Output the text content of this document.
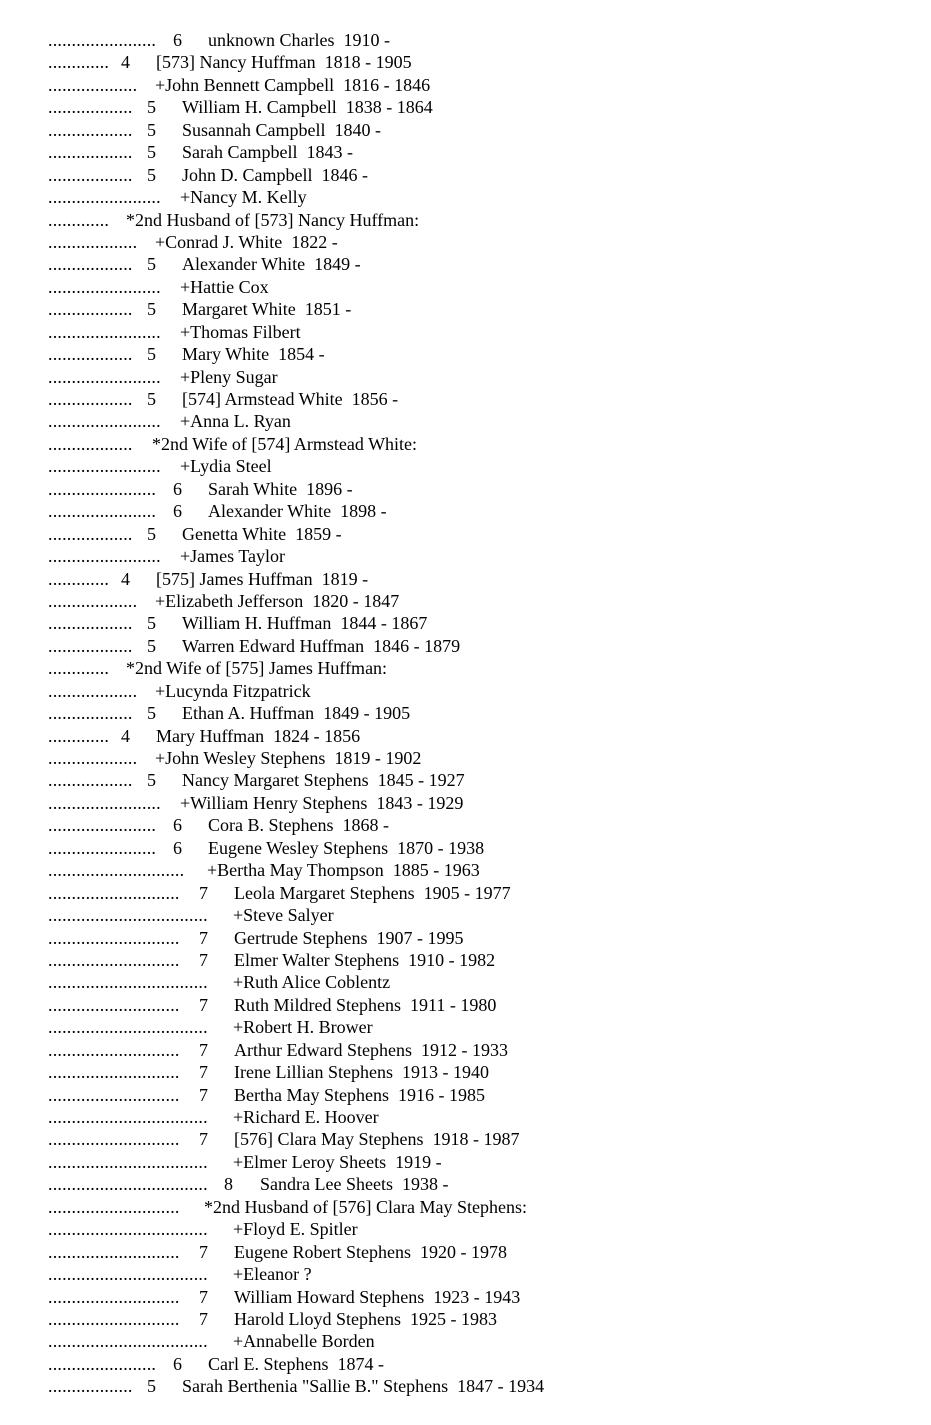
....................... 6 unknown Charles  1910 -
............. 4 [573] Nancy Huffman  1818 - 1905
................... +John Bennett Campbell  1816 - 1846
.................. 5 William H. Campbell  1838 - 1864
.................. 5 Susannah Campbell  1840 -
.................. 5 Sarah Campbell  1843 -
.................. 5 John D. Campbell  1846 -
........................ +Nancy M. Kelly
............. *2nd Husband of [573] Nancy Huffman:
................... +Conrad J. White  1822 -
.................. 5 Alexander White  1849 -
........................ +Hattie Cox
.................. 5 Margaret White  1851 -
........................ +Thomas Filbert
.................. 5 Mary White  1854 -
........................ +Pleny Sugar
.................. 5 [574] Armstead White  1856 -
........................ +Anna L. Ryan
.................. *2nd Wife of [574] Armstead White:
........................ +Lydia Steel
....................... 6 Sarah White  1896 -
....................... 6 Alexander White  1898 -
.................. 5 Genetta White  1859 -
........................ +James Taylor
............. 4 [575] James Huffman  1819 -
................... +Elizabeth Jefferson  1820 - 1847
.................. 5 William H. Huffman  1844 - 1867
.................. 5 Warren Edward Huffman  1846 - 1879
............. *2nd Wife of [575] James Huffman:
................... +Lucynda Fitzpatrick
.................. 5 Ethan A. Huffman  1849 - 1905
............. 4 Mary Huffman  1824 - 1856
................... +John Wesley Stephens  1819 - 1902
.................. 5 Nancy Margaret Stephens  1845 - 1927
........................ +William Henry Stephens  1843 - 1929
....................... 6 Cora B. Stephens  1868 -
....................... 6 Eugene Wesley Stephens  1870 - 1938
............................. +Bertha May Thompson  1885 - 1963
............................ 7 Leola Margaret Stephens  1905 - 1977
.................................. +Steve Salyer
............................ 7 Gertrude Stephens  1907 - 1995
............................ 7 Elmer Walter Stephens  1910 - 1982
.................................. +Ruth Alice Coblentz
............................ 7 Ruth Mildred Stephens  1911 - 1980
.................................. +Robert H. Brower
............................ 7 Arthur Edward Stephens  1912 - 1933
............................ 7 Irene Lillian Stephens  1913 - 1940
............................ 7 Bertha May Stephens  1916 - 1985
.................................. +Richard E. Hoover
............................ 7 [576] Clara May Stephens  1918 - 1987
.................................. +Elmer Leroy Sheets  1919 -
.................................. 8 Sandra Lee Sheets  1938 -
............................ *2nd Husband of [576] Clara May Stephens:
.................................. +Floyd E. Spitler
............................ 7 Eugene Robert Stephens  1920 - 1978
.................................. +Eleanor ?
............................ 7 William Howard Stephens  1923 - 1943
............................ 7 Harold Lloyd Stephens  1925 - 1983
.................................. +Annabelle Borden
....................... 6 Carl E. Stephens  1874 -
.................. 5 Sarah Berthenia "Sallie B." Stephens  1847 - 1934
